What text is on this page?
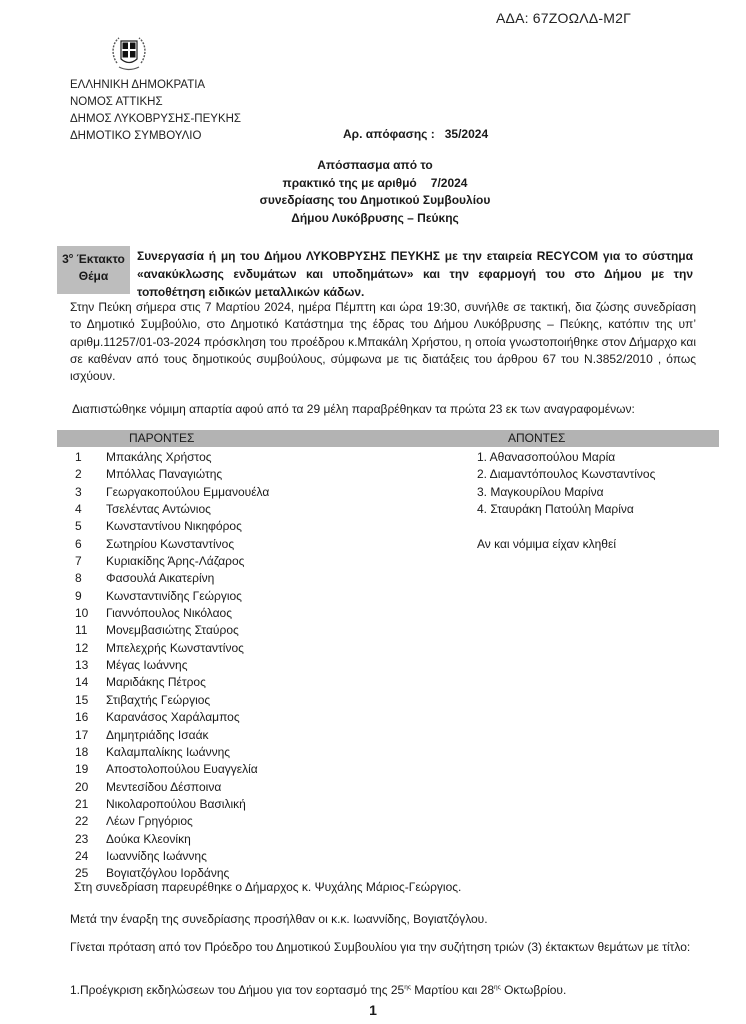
ΑΔΑ: 67ΖΟΩΛΔ-Μ2Γ
ΕΛΛΗΝΙΚΗ ΔΗΜΟΚΡΑΤΙΑ
ΝΟΜΟΣ ΑΤΤΙΚΗΣ
ΔΗΜΟΣ ΛΥΚΟΒΡΥΣΗΣ-ΠΕΥΚΗΣ
ΔΗΜΟΤΙΚΟ ΣΥΜΒΟΥΛΙΟ	Αρ. απόφασης : 35/2024
Απόσπασμα από το
πρακτικό της με αριθμό 7/2024
συνεδρίασης του Δημοτικού Συμβουλίου
Δήμου Λυκόβρυσης – Πεύκης
$3^o$ Έκτακτο
Θέμα
Συνεργασία ή μη του Δήμου ΛΥΚΟΒΡΥΣΗΣ ΠΕΥΚΗΣ με την εταιρεία RECYCOM για το σύστημα «ανακύκλωσης ενδυμάτων και υποδημάτων» και την εφαρμογή του στο Δήμου με την τοποθέτηση ειδικών μεταλλικών κάδων.
Στην Πεύκη σήμερα στις 7 Μαρτίου 2024, ημέρα Πέμπτη και ώρα 19:30, συνήλθε σε τακτική, δια ζώσης συνεδρίαση το Δημοτικό Συμβούλιο, στο Δημοτικό Κατάστημα της έδρας του Δήμου Λυκόβρυσης – Πεύκης, κατόπιν της υπ’ αριθμ.11257/01-03-2024 πρόσκληση του προέδρου κ.Μπακάλη Χρήστου, η οποία γνωστοποιήθηκε στον Δήμαρχο και σε καθέναν από τους δημοτικούς συμβούλους, σύμφωνα με τις διατάξεις του άρθρου 67 του Ν.3852/2010 , όπως ισχύουν.
Διαπιστώθηκε νόμιμη απαρτία αφού από τα 29 μέλη παραβρέθηκαν τα πρώτα 23 εκ των αναγραφομένων:
ΠΑΡΟΝΤΕΣ	ΑΠΟΝΤΕΣ
1 Μπακάλης Χρήστος
2 Μπόλλας Παναγιώτης
3 Γεωργακοπούλου Εμμανουέλα
4 Τσελέντας Αντώνιος
5 Κωνσταντίνου Νικηφόρος
6 Σωτηρίου Κωνσταντίνος
7 Κυριακίδης Άρης-Λάζαρος
8 Φασουλά Αικατερίνη
9 Κωνσταντινίδης Γεώργιος
10 Γιαννόπουλος Νικόλαος
11 Μονεμβασιώτης Σταύρος
12 Μπελεχρής Κωνσταντίνος
13 Μέγας Ιωάννης
14 Μαριδάκης Πέτρος
15 Στιβαχτής Γεώργιος
16 Καρανάσος Χαράλαμπος
17 Δημητριάδης Ισαάκ
18 Καλαμπαλίκης Ιωάννης
19 Αποστολοπούλου Ευαγγελία
20 Μεντεσίδου Δέσποινα
21 Νικολαροπούλου Βασιλική
22 Λέων Γρηγόριος
23 Δούκα Κλεονίκη
24 Ιωαννίδης Ιωάννης
25 Βογιατζόγλου Ιορδάνης
1. Αθανασοπούλου Μαρία
2. Διαμαντόπουλος Κωνσταντίνος
3. Μαγκουρίλου Μαρίνα
4. Σταυράκη Πατούλη Μαρίνα
Αν και νόμιμα είχαν κληθεί
Στη συνεδρίαση παρευρέθηκε ο Δήμαρχος κ. Ψυχάλης Μάριος-Γεώργιος.
Μετά την έναρξη της συνεδρίασης προσήλθαν οι κ.κ. Ιωαννίδης, Βογιατζόγλου.
Γίνεται πρόταση από τον Πρόεδρο του Δημοτικού Συμβουλίου για την συζήτηση τριών (3) έκτακτων θεμάτων με τίτλο:
1.Προέγκριση εκδηλώσεων του Δήμου για τον εορτασμό της $25^{\eta\varsigma}$ Μαρτίου και $28^{\eta\varsigma}$ Οκτωβρίου.
1
